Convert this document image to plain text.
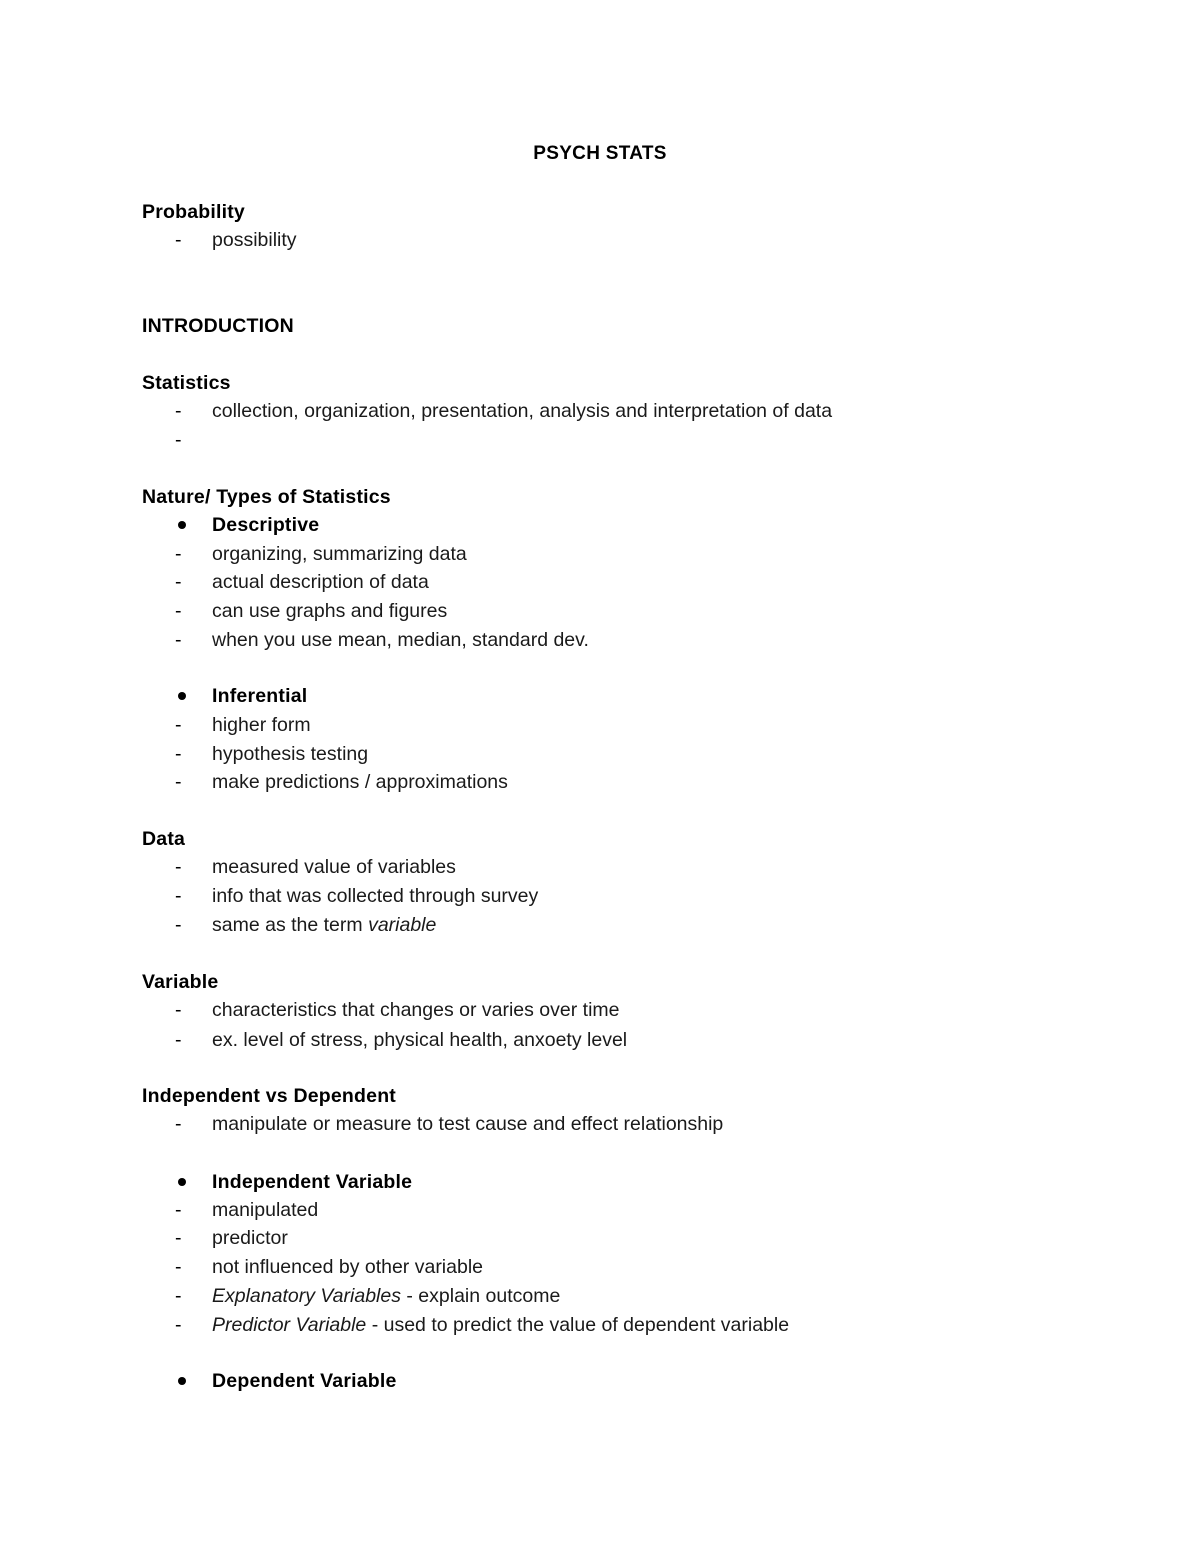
PSYCH STATS
Probability
- possibility
INTRODUCTION
Statistics
- collection, organization, presentation, analysis and interpretation of data
-
Nature/ Types of Statistics
Descriptive
- organizing, summarizing data
- actual description of data
- can use graphs and figures
- when you use mean, median, standard dev.
Inferential
- higher form
- hypothesis testing
- make predictions / approximations
Data
- measured value of variables
- info that was collected through survey
- same as the term variable
Variable
- characteristics that changes or varies over time
- ex. level of stress, physical health, anxoety level
Independent vs Dependent
- manipulate or measure to test cause and effect relationship
Independent Variable
- manipulated
- predictor
- not influenced by other variable
- Explanatory Variables - explain outcome
- Predictor Variable - used to predict the value of dependent variable
Dependent Variable
